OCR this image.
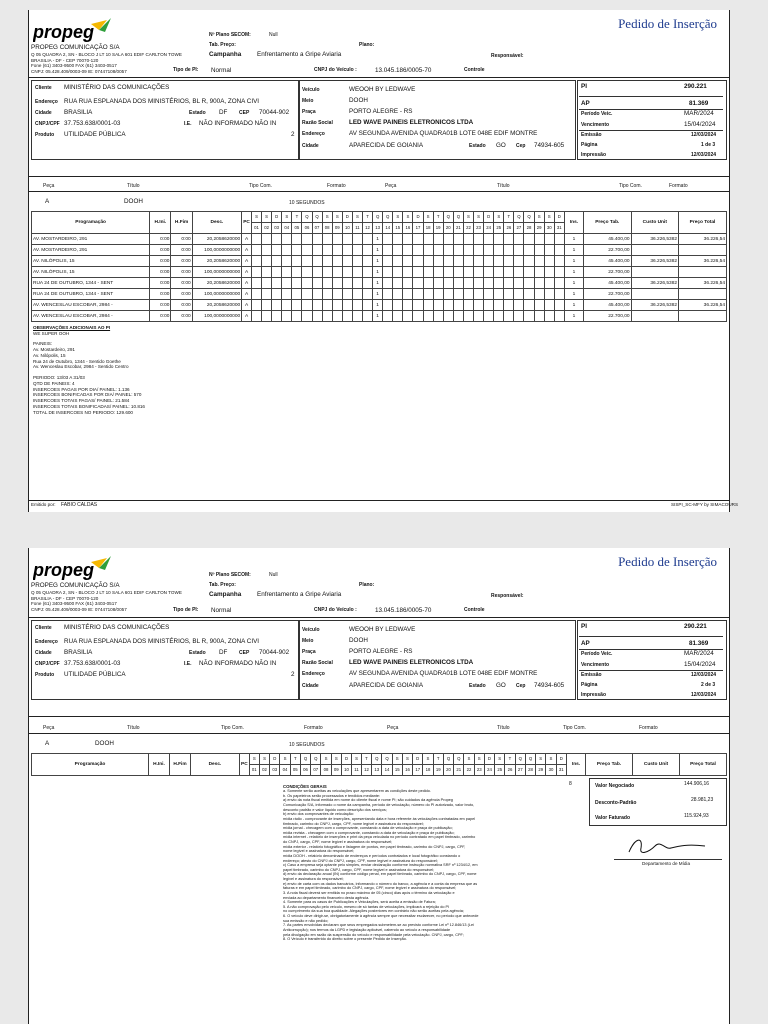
propeg	Pedido de Inserção
PROPEG COMUNICAÇÃO S/A
Q 05 QUADRA 2, SN - BLOCO J LT 10 SALA 601 EDIF CARLTON TOWE
BRASILIA - DF - CEP 70070-120
Fone (61) 3403-9500 FAX (61) 3403-0517
CNPJ: 05.428.409/0003-09 IE: 07447108/0057
Nº Plano SECOM:	Null
Tab. Preço:	Plano:
Campanha	Enfrentamento a Gripe Aviaria	Responsável:
Tipo de PI: Normal	CNPJ do Veículo :	13.045.186/0005-70	Controle
Cliente MINISTÉRIO DAS COMUNICAÇÕES
Endereço RUA RUA ESPLANADA DOS MINISTÉRIOS, BL R, 900A, ZONA CIVI
Cidade BRASILIA	Estado DF CEP 70044-902
CNPJ/CPF 37.753.638/0001-03	I.E. NÃO INFORMADO NÃO IN
Produto UTILIDADE PÚBLICA	2
Veículo	WEOOH BY LEDWAVE
Meio	DOOH
Praça	PORTO ALEGRE - RS
Razão Social	LED WAVE PAINEIS ELETRONICOS LTDA
Endereço	AV SEGUNDA AVENIDA QUADRA01B LOTE 048E EDIF MONTRE
Cidade	APARECIDA DE GOIANIA	Estado GO Cep 74934-605
PI	290.221
AP	81.369
Período Veic.	MAR/2024
Vencimento	15/04/2024
Emissão	12/03/2024
Página	1 de 3
Impressão	12/03/2024
Peça	Título	Tipo Com.	Formato	Peça	Título	Tipo Com.	Formato
A	DOOH	10 SEGUNDOS
Programação	H.Ini.	H.Fim	Desc.	PC	S	S	D	S	T	Q	Q	S	S	D	S	T	Q	Q	S	S	D	S	T	Q	Q	S	S	D	S	T	Q	Q	S	S	D	Ins.	Preço Tab.	Custo Unit	Preço Total
					01	02	03	04	05	06	07	08	09	10	11	12	13	14	15	16	17	18	19	20	21	22	23	24	25	26	27	28	29	30	31				
AV. MOSTARDEIRO, 291	0:00	0:00	20,2058620000	A													1																			1	45.400,00	36.226,5382	36.226,54
AV. MOSTARDEIRO, 291	0:00	0:00	100,0000000000	A													1																			1	22.700,00		
AV. NILÓPOLIS, 15	0:00	0:00	20,2058620000	A													1																			1	45.400,00	36.226,5382	36.226,54
AV. NILÓPOLIS, 15	0:00	0:00	100,0000000000	A													1																			1	22.700,00		
RUA 24 DE OUTUBRO, 1344 - SENT	0:00	0:00	20,2058620000	A													1																			1	45.400,00	36.226,5382	36.226,54
RUA 24 DE OUTUBRO, 1344 - SENT	0:00	0:00	100,0000000000	A													1																			1	22.700,00		
AV. WENCESLAU ESCOBAR, 2984 -	0:00	0:00	20,2058620000	A													1																			1	45.400,00	36.226,5382	36.226,54
AV. WENCESLAU ESCOBAR, 2984 -	0:00	0:00	100,0000000000	A													1																			1	22.700,00		
OBSERVAÇÕES ADICIONAIS AO PI
WE SUPER OOH
PAINEIS:
Av. Mostardeiro, 291
Av. Nilópolis, 15
Rua 24 de Outubro, 1344 - Sentido Goethe
Av. Wenceslau Escobar, 2984 - Sentido Centro
PERIODO: 13/03 A 31/03
QTD DE PAINEIS: 4
INSERCOES PAGAS POR DIA/ PAINEL: 1.136
INSERCOES BONIFICADAS POR DIA/ PAINEL: 570
INSERCOES TOTAIS PAGAS/ PAINEL: 21.584
INSERCOES TOTAIS BONIFICADAS/ PAINEL: 10.816
TOTAL DE INSERCOES NO PERIODO: 129.600
Emitido por: FABIO CALDAS	SISPI_SC-MFY by SIMACOURS
propeg	Pedido de Inserção
PROPEG COMUNICAÇÃO S/A
Q 05 QUADRA 2, SN - BLOCO J LT 10 SALA 601 EDIF CARLTON TOWE
BRASILIA - DF - CEP 70070-120
Fone (61) 3403-9500 FAX (61) 3403-0517
CNPJ: 05.428.409/0003-09 IE: 07447108/0057
Nº Plano SECOM:	Null
Tab. Preço:	Plano:
Campanha	Enfrentamento a Gripe Aviaria	Responsável:
Tipo de PI: Normal	CNPJ do Veículo :	13.045.186/0005-70	Controle
Cliente MINISTÉRIO DAS COMUNICAÇÕES
Endereço RUA RUA ESPLANADA DOS MINISTÉRIOS, BL R, 900A, ZONA CIVI
Cidade BRASILIA	Estado DF CEP 70044-902
CNPJ/CPF 37.753.638/0001-03	I.E. NÃO INFORMADO NÃO IN
Produto UTILIDADE PÚBLICA	2
Veículo	WEOOH BY LEDWAVE
Meio	DOOH
Praça	PORTO ALEGRE - RS
Razão Social	LED WAVE PAINEIS ELETRONICOS LTDA
Endereço	AV SEGUNDA AVENIDA QUADRA01B LOTE 048E EDIF MONTRE
Cidade	APARECIDA DE GOIANIA	Estado GO Cep 74934-605
PI	290.221
AP	81.369
Período Veic.	MAR/2024
Vencimento	15/04/2024
Emissão	12/03/2024
Página	2 de 3
Impressão	12/03/2024
Peça	Título	Tipo Com.	Formato	Peça	Título	Tipo Com.	Formato
A	DOOH	10 SEGUNDOS
Programação	H.Ini.	H.Fim	Desc.	PC	S	S	D	S	T	Q	Q	S	S	D	S	T	Q	Q	S	S	D	S	T	Q	Q	S	S	D	S	T	Q	Q	S	S	D	Ins.	Preço Tab.	Custo Unit	Preço Total
					01	02	03	04	05	06	07	08	09	10	11	12	13	14	15	16	17	18	19	20	21	22	23	24	25	26	27	28	29	30	31				
CONDIÇÕES GERAIS
a. Somente serão aceitas as veiculações que apresentarem as condições deste pedido.
b. Os papeleiros serão processados e tendidos mediante:
a) envio da nota fiscal emitida em nome do cliente fiscal e nome PI; são cuidados da agência Propeg
Comunicação S/A, informado o nome da campanha, período de veiculação, número do PI autorizado, valor bruto,
desconto padrão e valor líquido como descrição dos serviços;
b) envio dos comprovantes de veiculação:
mídia rádio - comprovante de inserções, apresentando data e hora referente às veiculações contratadas em papel
timbrado, carimbo do CNPJ, cargo, CPF, nome legível e assinatura do responsável;
mídia jornal - checagem com o comprovante, constando a data de veiculação e praça de publicação;
mídia revista - checagem com o comprovante, constando a data de veiculação e praça de publicação;
mídia internet - relatório de inserções e print da peça veiculada no período contratado em papel timbrado, carimbo
do CNPJ, cargo, CPF, nome legível e assinatura do responsável;
mídia exterior - relatório fotográfico e listagem de pontos, em papel timbrado, carimbo do CNPJ, cargo, CPF,
nome legível e assinatura do responsável;
mídia DOOH - relatório denominado de endereços e períodos contratados e local fotográfico constando o
endereço; atesto do CNPJ do CNPJ, cargo, CPF, nome legível e assinatura do responsável;
c) Caso a empresa seja optante pelo simples, enviar declaração conforme instrução normativa SRF nº 1234/12, em
papel timbrado, carimbo do CNPJ, cargo, CPF, nome legível e assinatura do responsável;
d) envio da declaração anual (IN) conforme código penal, em papel timbrado, carimbo do CNPJ, cargo, CPF, nome
legível e assinatura do responsável;
e) envio de carta com os dados bancários, informando o número do banco, a agência e a conta da empresa que as
faturas e em papel timbrado, carimbo do CNPJ, cargo, CPF, nome legível e assinatura do responsável;
3. A nota fiscal deverá ser emitida no prazo máximo de 05 (cinco) dias após o término da veiculação e
enviada ao departamento financeiro desta agência.
4. Somente para os casos de Publicações e Veiculações, será aceita a emissão de Fatura;
5. A não comprovação pelo veículo, mesmo de só tantas de veiculações, implicará a rejeição do PI
no cumprimento da sua boa qualidade. Alegações posteriores em contrário não serão aceitas pela agência;
6. O veículo deve dirigir-se, obrigatoriamente à agência sempre que necessitar esclarecer, no período que antecede
sua emissão e não pedido;
7. As partes envolvidas declaram que seus empregados submetem-se ao previsto conforme Lei nº 12.846/13 (Lei
Anticorrupção); nos termos da LGPD e legislação aplicável, cabendo ao veículo a responsabilidade
pela divulgação em razão da suspensão do veículo e responsabilidade pela veiculação. CNPJ, cargo, CPF;
8. O Veículo é transferido do direito sobre o presente Pedido de Inserção.
8	Valor Negociado	144.906,16
Desconto-Padrão	28.981,23
Valor Faturado	115.924,93
Departamento de Mídia
